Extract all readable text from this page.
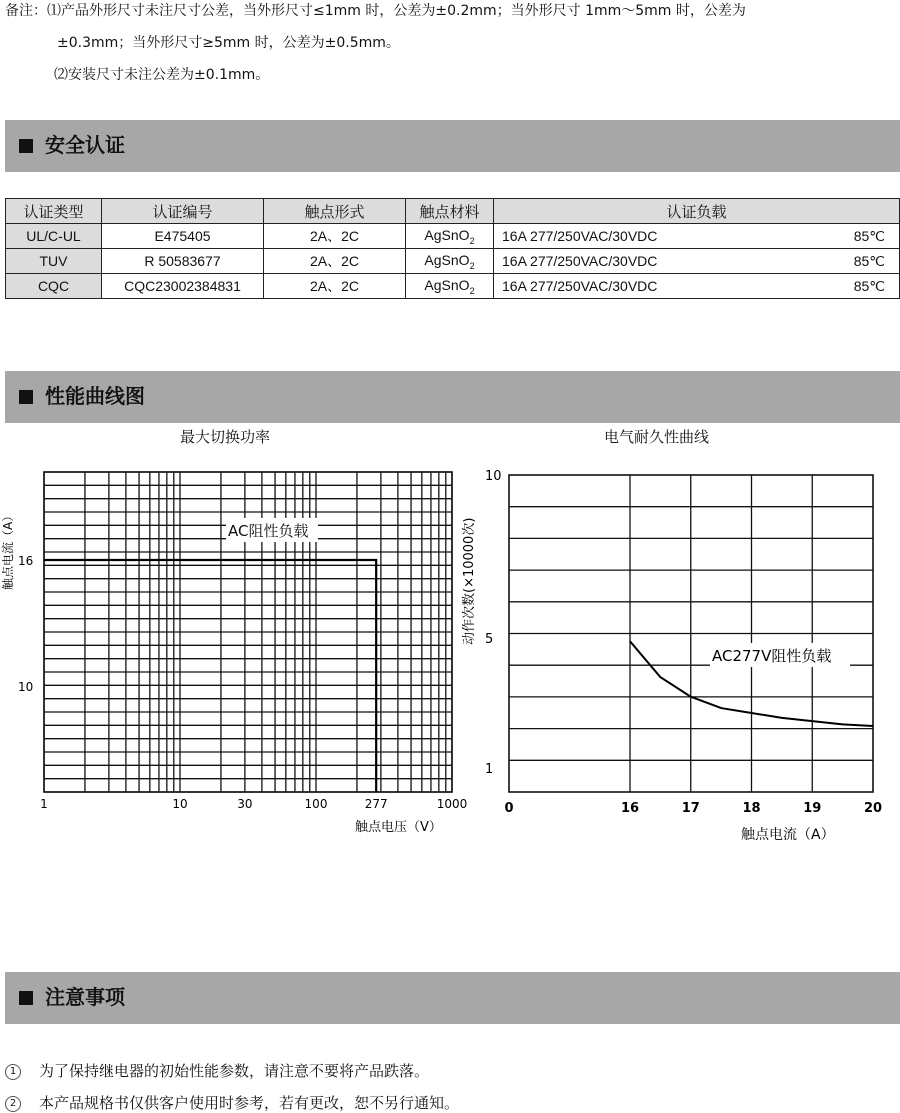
备注：⑴产品外形尺寸未注尺寸公差，当外形尺寸≤1mm 时，公差为±0.2mm；当外形尺寸 1mm～5mm 时，公差为
±0.3mm；当外形尺寸≥5mm 时，公差为±0.5mm。
⑵安装尺寸未注公差为±0.1mm。
安全认证
认证类型	认证编号	触点形式	触点材料	认证负载
UL/C-UL	E475405	2A、2C	AgSnO$_2$	16A 277/250VAC/30VDC 85℃

TUV	R 50583677	2A、2C	AgSnO$_2$	16A 277/250VAC/30VDC 85℃

CQC	CQC23002384831	2A、2C	AgSnO$_2$	16A 277/250VAC/30VDC 85℃
性能曲线图
最大切换功率	电气耐久性曲线
AC阻性负载
16
10
1	10	30	100	277	1000
触点电压（V）
触点电流（A）
AC277V阻性负载
10
5
1
0	16	17	18	19	20
触点电流（A）
动作次数(×10000次)
注意事项
1 为了保持继电器的初始性能参数，请注意不要将产品跌落。
2 本产品规格书仅供客户使用时参考，若有更改，恕不另行通知。
